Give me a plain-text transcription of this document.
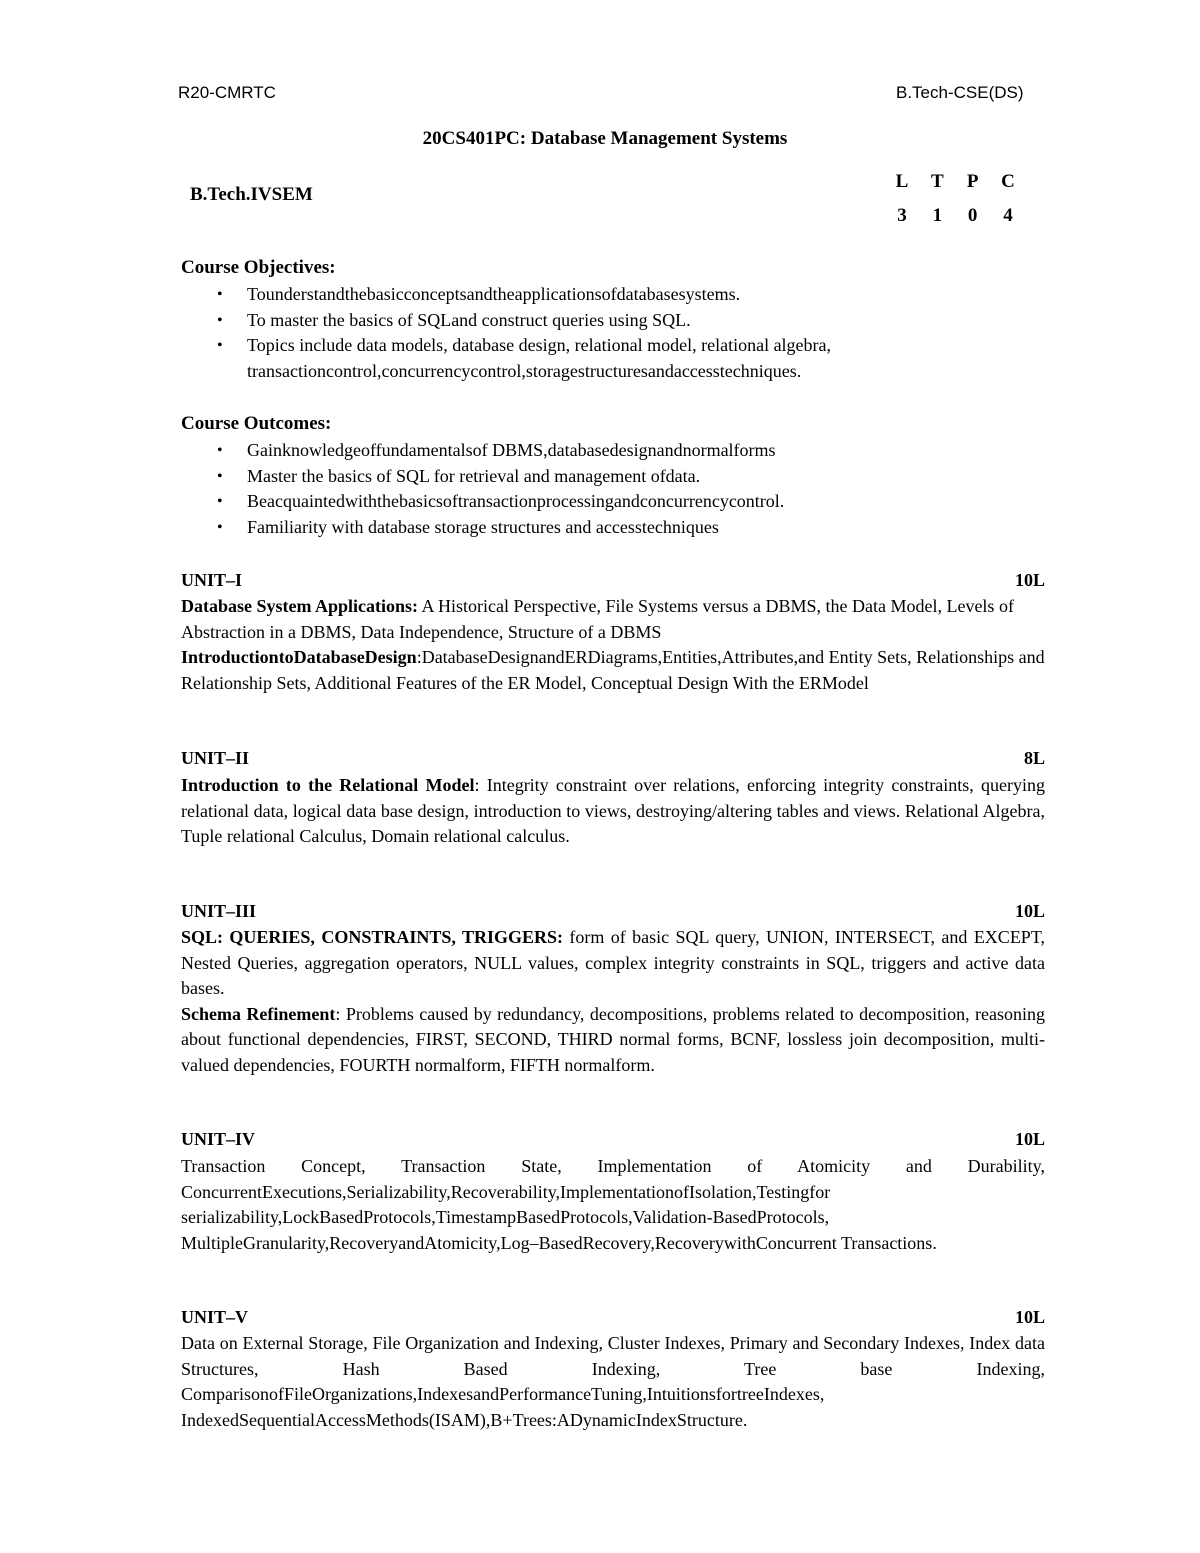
R20-CMRTC	B.Tech-CSE(DS)
20CS401PC: Database Management Systems
B.Tech.IVSEM
L T	P	C
3	1	0	4
Course Objectives:
• Tounderstandthebasicconceptsandtheapplicationsofdatabasesystems.
• To master the basics of SQLand construct queries using SQL.
• Topics include data models, database design, relational model, relational algebra, transactioncontrol,concurrencycontrol,storagestructuresandaccesstechniques.
Course Outcomes:
• Gainknowledgeoffundamentalsof DBMS,databasedesignandnormalforms
• Master the basics of SQL for retrieval and management ofdata.
• Beacquaintedwiththebasicsoftransactionprocessingandconcurrencycontrol.
• Familiarity with database storage structures and accesstechniques
UNIT–I	10L
Database System Applications: A Historical Perspective, File Systems versus a DBMS, the Data Model, Levels of Abstraction in a DBMS, Data Independence, Structure of a DBMS
IntroductiontoDatabaseDesign:DatabaseDesignandERDiagrams,Entities,Attributes,and Entity Sets, Relationships and Relationship Sets, Additional Features of the ER Model, Conceptual Design With the ERModel
UNIT–II	8L
Introduction to the Relational Model: Integrity constraint over relations, enforcing integrity constraints, querying relational data, logical data base design, introduction to views, destroying/altering tables and views. Relational Algebra, Tuple relational Calculus, Domain relational calculus.
UNIT–III	10L
SQL: QUERIES, CONSTRAINTS, TRIGGERS: form of basic SQL query, UNION, INTERSECT, and EXCEPT, Nested Queries, aggregation operators, NULL values, complex integrity constraints in SQL, triggers and active data bases.
Schema Refinement: Problems caused by redundancy, decompositions, problems related to decomposition, reasoning about functional dependencies, FIRST, SECOND, THIRD normal forms, BCNF, lossless join decomposition, multi-valued dependencies, FOURTH normalform, FIFTH normalform.
UNIT–IV	10L
Transaction Concept, Transaction State, Implementation of Atomicity and Durability, ConcurrentExecutions,Serializability,Recoverability,ImplementationofIsolation,Testingfor serializability,LockBasedProtocols,TimestampBasedProtocols,Validation-BasedProtocols, MultipleGranularity,RecoveryandAtomicity,Log–BasedRecovery,RecoverywithConcurrent Transactions.
UNIT–V	10L
Data on External Storage, File Organization and Indexing, Cluster Indexes, Primary and Secondary Indexes, Index data Structures, Hash Based Indexing, Tree base Indexing, ComparisonofFileOrganizations,IndexesandPerformanceTuning,IntuitionsfortreeIndexes, IndexedSequentialAccessMethods(ISAM),B+Trees:ADynamicIndexStructure.
